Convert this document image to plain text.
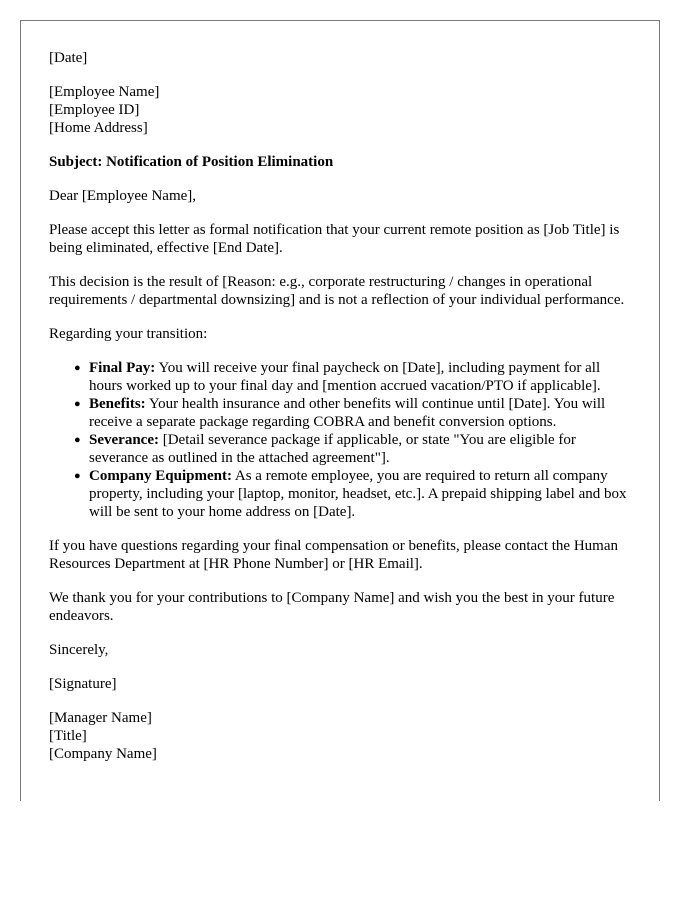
[Date]

[Employee Name]
[Employee ID]
[Home Address]

Subject: Notification of Position Elimination

Dear [Employee Name],

Please accept this letter as formal notification that your current remote position as [Job Title] is being eliminated, effective [End Date].

This decision is the result of [Reason: e.g., corporate restructuring / changes in operational requirements / departmental downsizing] and is not a reflection of your individual performance.

Regarding your transition:

● Final Pay: You will receive your final paycheck on [Date], including payment for all hours worked up to your final day and [mention accrued vacation/PTO if applicable].
● Benefits: Your health insurance and other benefits will continue until [Date]. You will receive a separate package regarding COBRA and benefit conversion options.
● Severance: [Detail severance package if applicable, or state "You are eligible for severance as outlined in the attached agreement"].
● Company Equipment: As a remote employee, you are required to return all company property, including your [laptop, monitor, headset, etc.]. A prepaid shipping label and box will be sent to your home address on [Date].

If you have questions regarding your final compensation or benefits, please contact the Human Resources Department at [HR Phone Number] or [HR Email].

We thank you for your contributions to [Company Name] and wish you the best in your future endeavors.

Sincerely,

[Signature]

[Manager Name]
[Title]
[Company Name]
